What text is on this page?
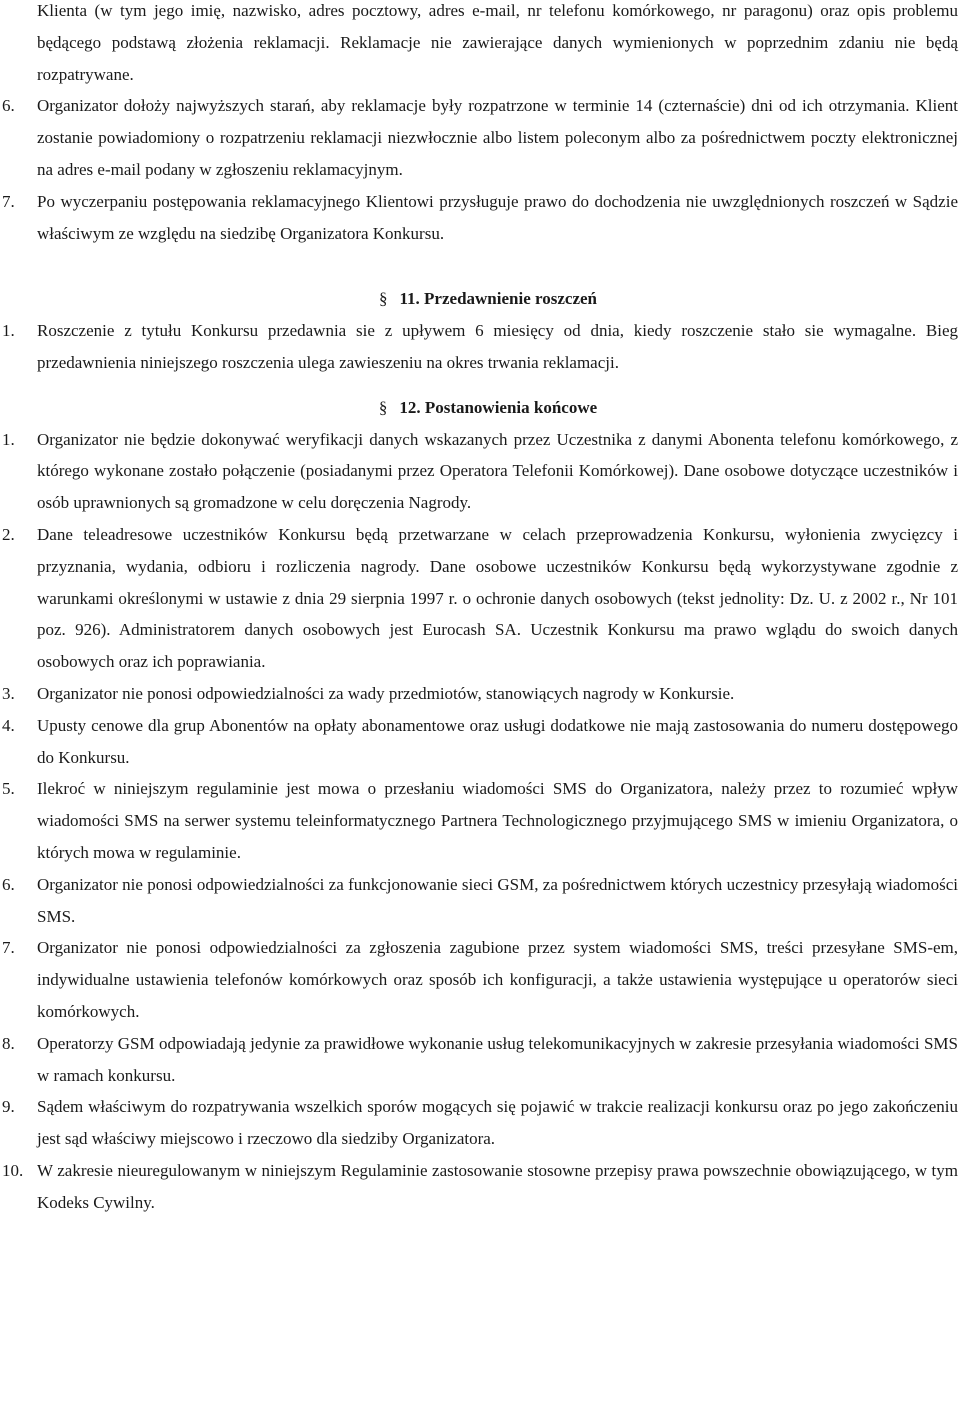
Klienta (w tym jego imię, nazwisko, adres pocztowy, adres e-mail, nr telefonu komórkowego, nr paragonu) oraz opis problemu będącego podstawą złożenia reklamacji. Reklamacje nie zawierające danych wymienionych w poprzednim zdaniu nie będą rozpatrywane.

6. Organizator dołoży najwyższych starań, aby reklamacje były rozpatrzone w terminie 14 (czternaście) dni od ich otrzymania. Klient zostanie powiadomiony o rozpatrzeniu reklamacji niezwłocznie albo listem poleconym albo za pośrednictwem poczty elektronicznej na adres e-mail podany w zgłoszeniu reklamacyjnym.
7. Po wyczerpaniu postępowania reklamacyjnego Klientowi przysługuje prawo do dochodzenia nie uwzględnionych roszczeń w Sądzie właściwym ze względu na siedzibę Organizatora Konkursu.
§ 11. Przedawnienie roszczeń
1. Roszczenie z tytułu Konkursu przedawnia sie z upływem 6 miesięcy od dnia, kiedy roszczenie stało sie wymagalne. Bieg przedawnienia niniejszego roszczenia ulega zawieszeniu na okres trwania reklamacji.
§ 12. Postanowienia końcowe
1. Organizator nie będzie dokonywać weryfikacji danych wskazanych przez Uczestnika z danymi Abonenta telefonu komórkowego, z którego wykonane zostało połączenie (posiadanymi przez Operatora Telefonii Komórkowej). Dane osobowe dotyczące uczestników i osób uprawnionych są gromadzone w celu doręczenia Nagrody.
2. Dane teleadresowe uczestników Konkursu będą przetwarzane w celach przeprowadzenia Konkursu, wyłonienia zwycięzcy i przyznania, wydania, odbioru i rozliczenia nagrody. Dane osobowe uczestników Konkursu będą wykorzystywane zgodnie z warunkami określonymi w ustawie z dnia 29 sierpnia 1997 r. o ochronie danych osobowych (tekst jednolity: Dz. U. z 2002 r., Nr 101 poz. 926). Administratorem danych osobowych jest Eurocash SA. Uczestnik Konkursu ma prawo wglądu do swoich danych osobowych oraz ich poprawiania.
3. Organizator nie ponosi odpowiedzialności za wady przedmiotów, stanowiących nagrody w Konkursie.
4. Upusty cenowe dla grup Abonentów na opłaty abonamentowe oraz usługi dodatkowe nie mają zastosowania do numeru dostępowego do Konkursu.
5. Ilekroć w niniejszym regulaminie jest mowa o przesłaniu wiadomości SMS do Organizatora, należy przez to rozumieć wpływ wiadomości SMS na serwer systemu teleinformatycznego Partnera Technologicznego przyjmującego SMS w imieniu Organizatora, o których mowa w regulaminie.
6. Organizator nie ponosi odpowiedzialności za funkcjonowanie sieci GSM, za pośrednictwem których uczestnicy przesyłają wiadomości SMS.
7. Organizator nie ponosi odpowiedzialności za zgłoszenia zagubione przez system wiadomości SMS, treści przesyłane SMS-em, indywidualne ustawienia telefonów komórkowych oraz sposób ich konfiguracji, a także ustawienia występujące u operatorów sieci komórkowych.
8. Operatorzy GSM odpowiadają jedynie za prawidłowe wykonanie usług telekomunikacyjnych w zakresie przesyłania wiadomości SMS w ramach konkursu.
9. Sądem właściwym do rozpatrywania wszelkich sporów mogących się pojawić w trakcie realizacji konkursu oraz po jego zakończeniu jest sąd właściwy miejscowo i rzeczowo dla siedziby Organizatora.
10. W zakresie nieuregulowanym w niniejszym Regulaminie zastosowanie stosowne przepisy prawa powszechnie obowiązującego, w tym Kodeks Cywilny.
